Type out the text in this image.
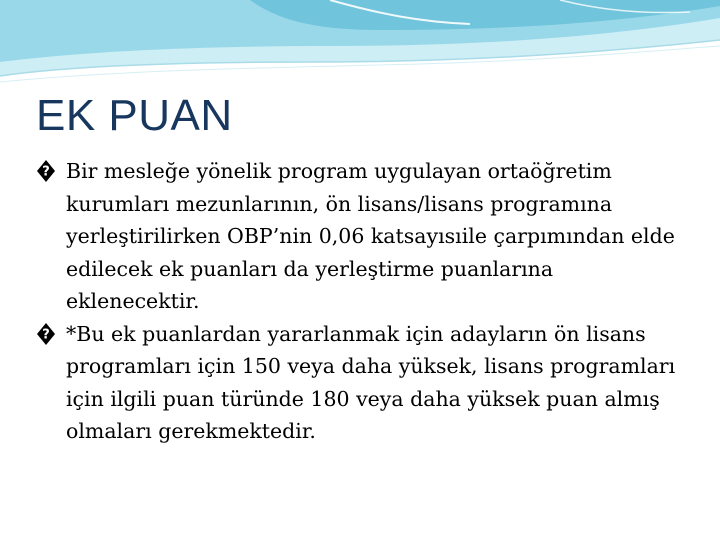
EK PUAN
? Bir mesleğe yönelik program uygulayan ortaöğretim kurumları mezunlarının, ön lisans/lisans programına yerleştirilirken OBP’nin 0,06 katsayısıile çarpımından elde edilecek ek puanları da yerleştirme puanlarına eklenecektir.
? *Bu ek puanlardan yararlanmak için adayların ön lisans programları için 150 veya daha yüksek, lisans programları için ilgili puan türünde 180 veya daha yüksek puan almış olmaları gerekmektedir.
